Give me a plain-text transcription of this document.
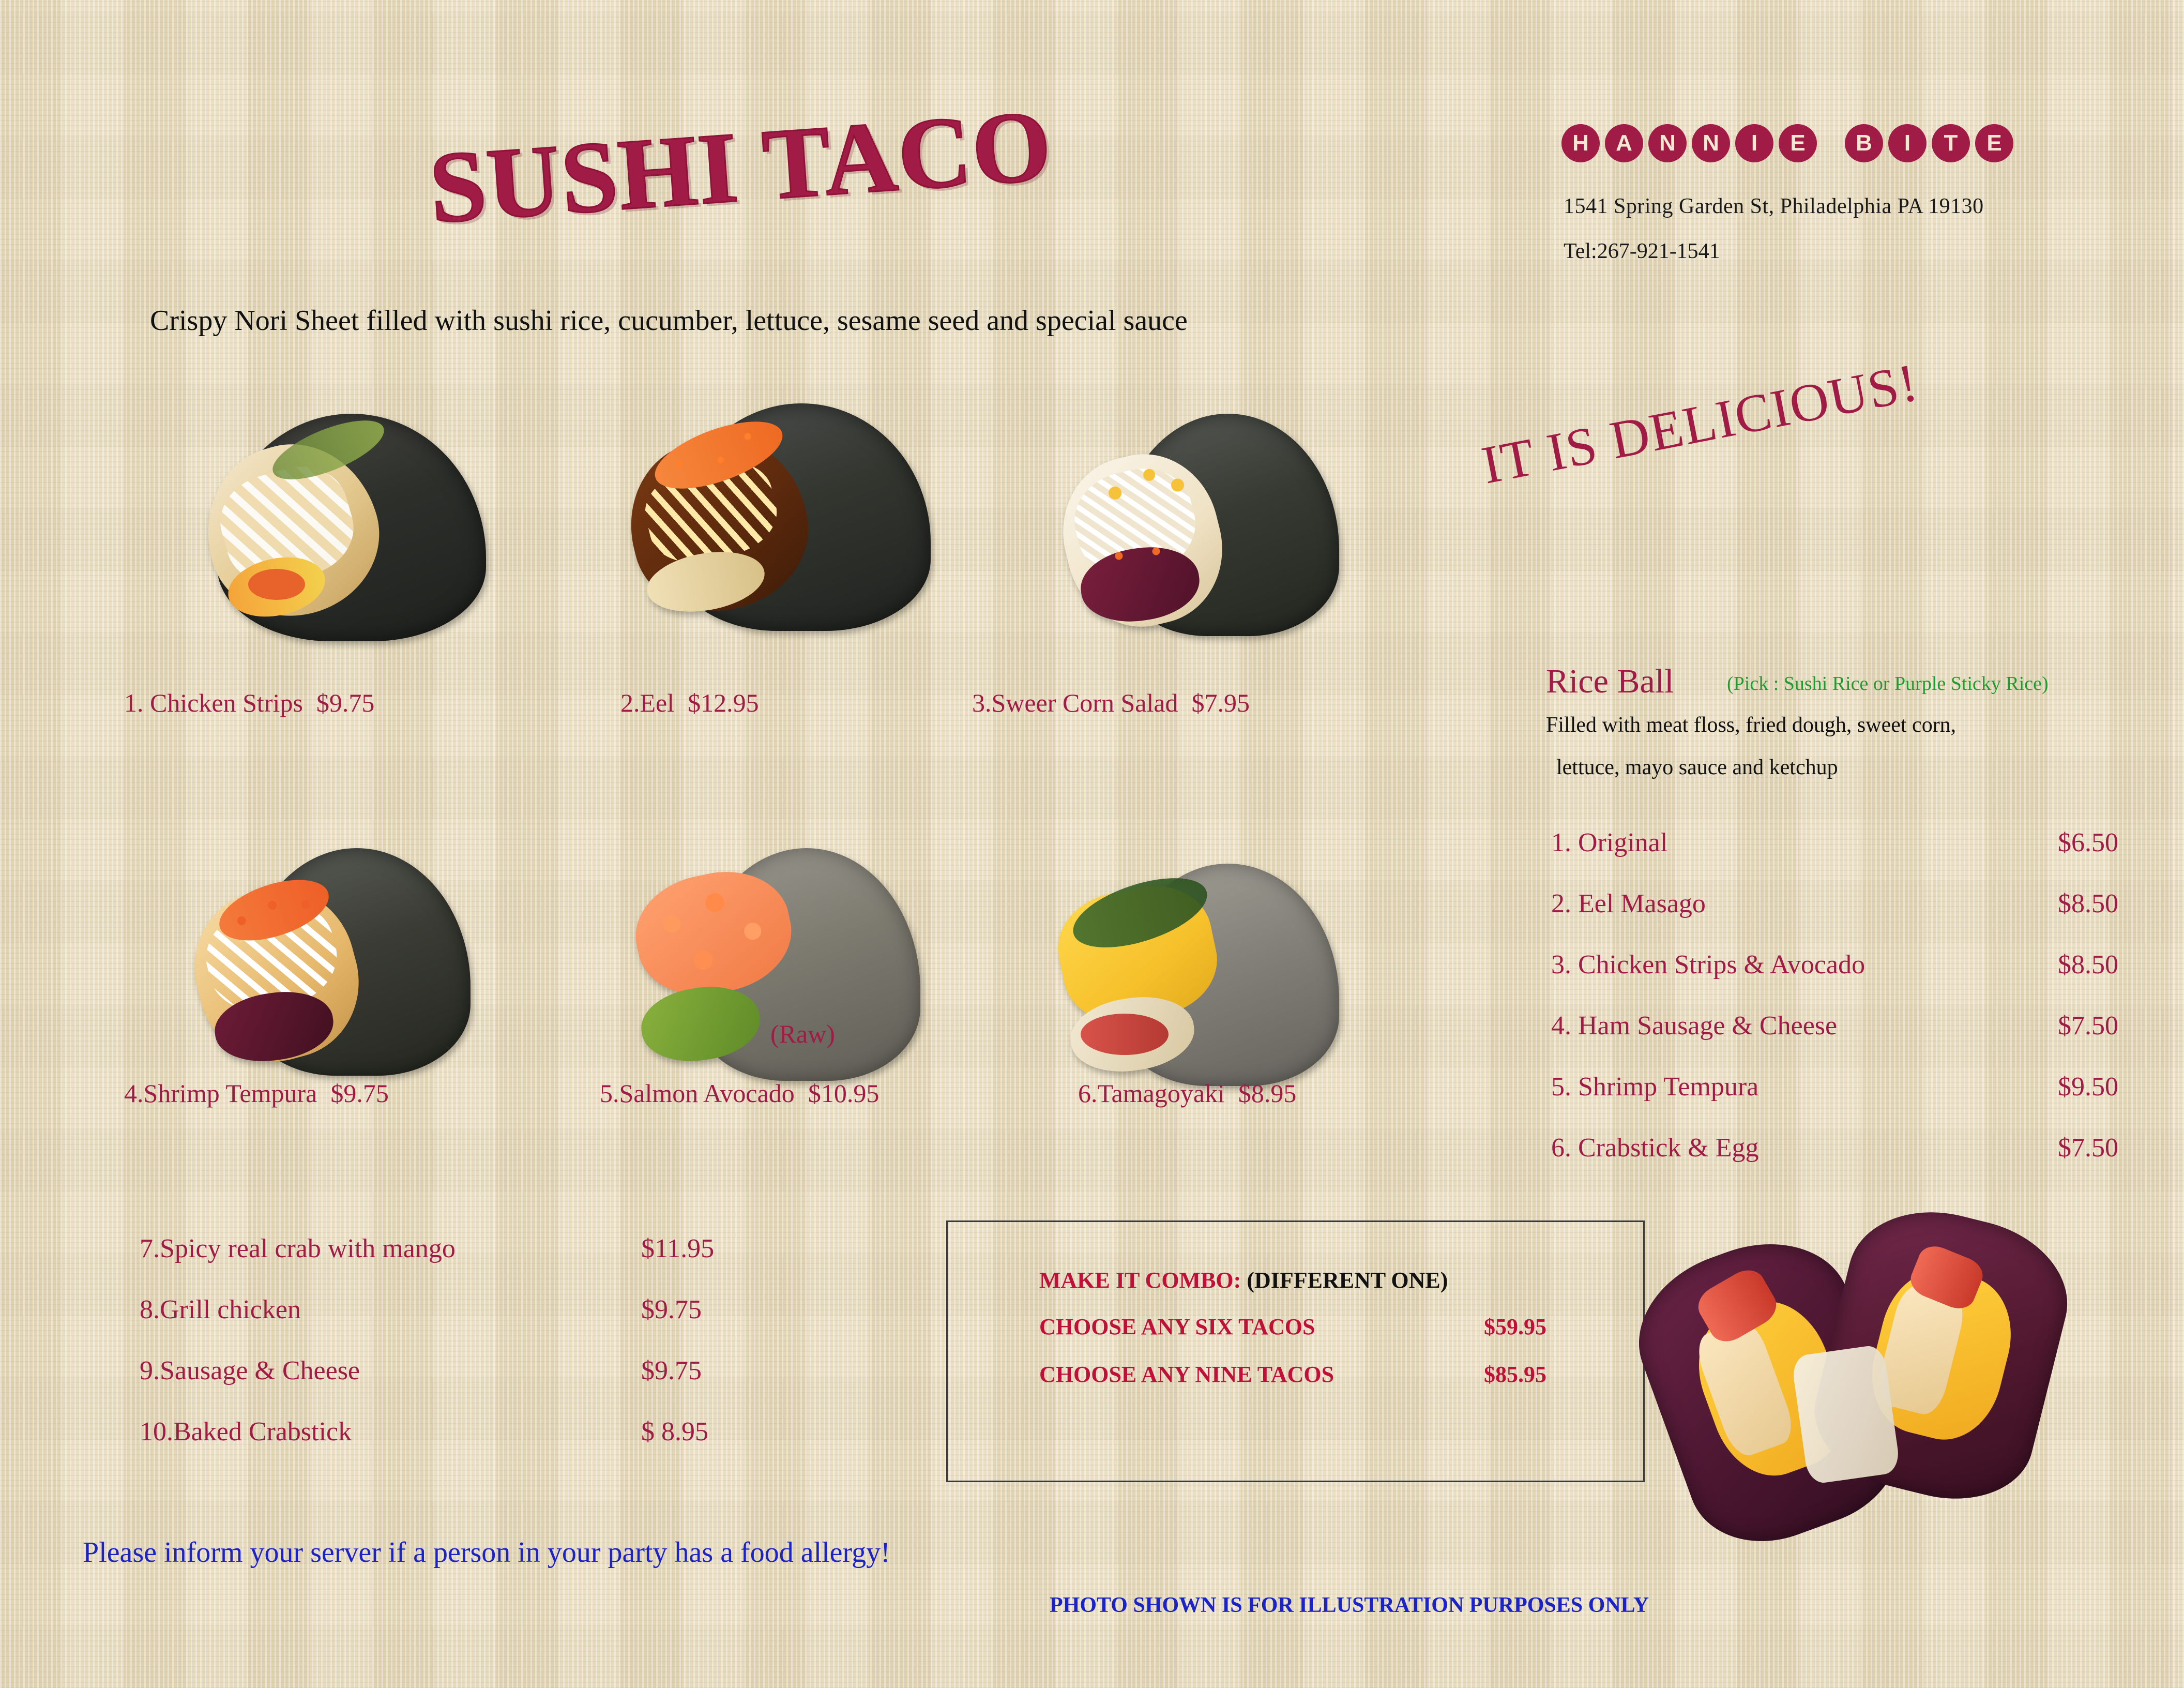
SUSHI TACO	H	A	N	N	I	E	B	I	T	E
1541 Spring Garden St, Philadelphia PA 19130
Tel:267-921-1541
Crispy Nori Sheet filled with sushi rice, cucumber, lettuce, sesame seed and special sauce
1. Chicken Strips $9.75	2.Eel $12.95	3.Sweer Corn Salad $7.95
(Raw)
4.Shrimp Tempura $9.75	5.Salmon Avocado $10.95	6.Tamagoyaki $8.95
IT IS DELICIOUS!
Rice Ball	(Pick : Sushi Rice or Purple Sticky Rice)
Filled with meat floss, fried dough, sweet corn,
lettuce, mayo sauce and ketchup
1. Original	$6.50
2. Eel Masago	$8.50
3. Chicken Strips & Avocado	$8.50
4. Ham Sausage & Cheese	$7.50
5. Shrimp Tempura	$9.50
6. Crabstick & Egg	$7.50
7.Spicy real crab with mango	$11.95
8.Grill chicken	$9.75
9.Sausage & Cheese	$9.75
10.Baked Crabstick	$ 8.95
MAKE IT COMBO: (DIFFERENT ONE)
CHOOSE ANY SIX TACOS	$59.95
CHOOSE ANY NINE TACOS	$85.95
Please inform your server if a person in your party has a food allergy!
PHOTO SHOWN IS FOR ILLUSTRATION PURPOSES ONLY
